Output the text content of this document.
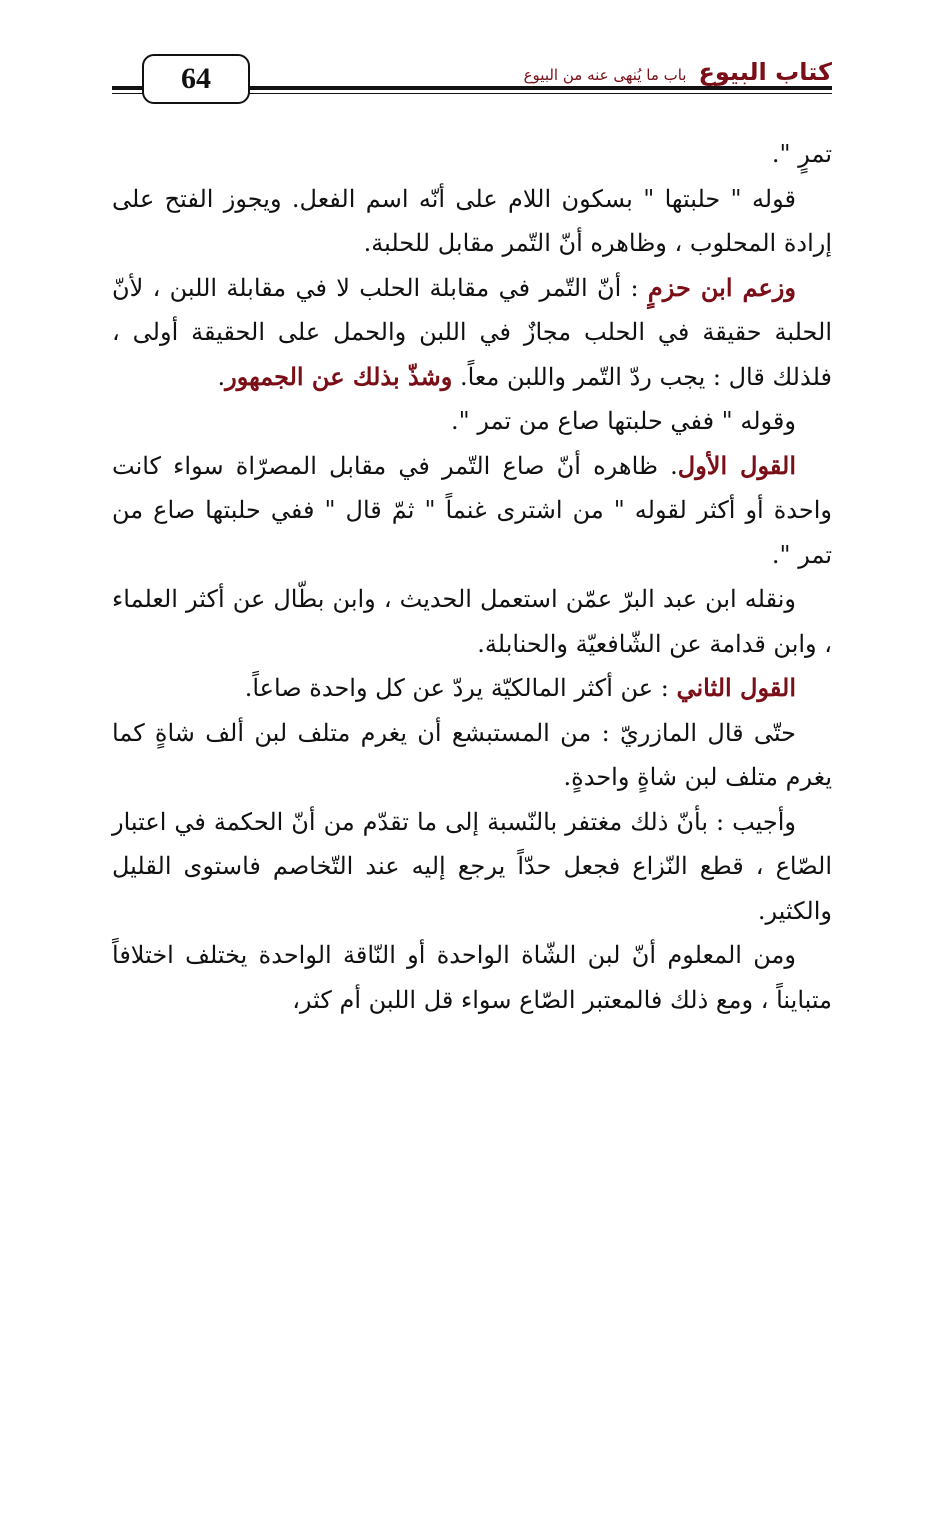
64	كتاب البيوع
باب ما يُنهى عنه من البيوع

تمرٍ ".

قوله " حلبتها " بسكون اللام على أنّه اسم الفعل. ويجوز الفتح على إرادة المحلوب ، وظاهره أنّ التّمر مقابل للحلبة.

وزعم ابن حزمٍ : أنّ التّمر في مقابلة الحلب لا في مقابلة اللبن ، لأنّ الحلبة حقيقة في الحلب مجازٌ في اللبن والحمل على الحقيقة أولى ، فلذلك قال : يجب ردّ التّمر واللبن معاً. وشذّ بذلك عن الجمهور.

وقوله " ففي حلبتها صاع من تمر ".

القول الأول. ظاهره أنّ صاع التّمر في مقابل المصرّاة سواء كانت واحدة أو أكثر لقوله " من اشترى غنماً " ثمّ قال " ففي حلبتها صاع من تمر ".

ونقله ابن عبد البرّ عمّن استعمل الحديث ، وابن بطّال عن أكثر العلماء ، وابن قدامة عن الشّافعيّة والحنابلة.

القول الثاني : عن أكثر المالكيّة يردّ عن كل واحدة صاعاً.

حتّى قال المازريّ : من المستبشع أن يغرم متلف لبن ألف شاةٍ كما يغرم متلف لبن شاةٍ واحدةٍ.

وأجيب : بأنّ ذلك مغتفر بالنّسبة إلى ما تقدّم من أنّ الحكمة في اعتبار الصّاع ، قطع النّزاع فجعل حدّاً يرجع إليه عند التّخاصم فاستوى القليل والكثير.

ومن المعلوم أنّ لبن الشّاة الواحدة أو النّاقة الواحدة يختلف اختلافاً متبايناً ، ومع ذلك فالمعتبر الصّاع سواء قل اللبن أم كثر،
